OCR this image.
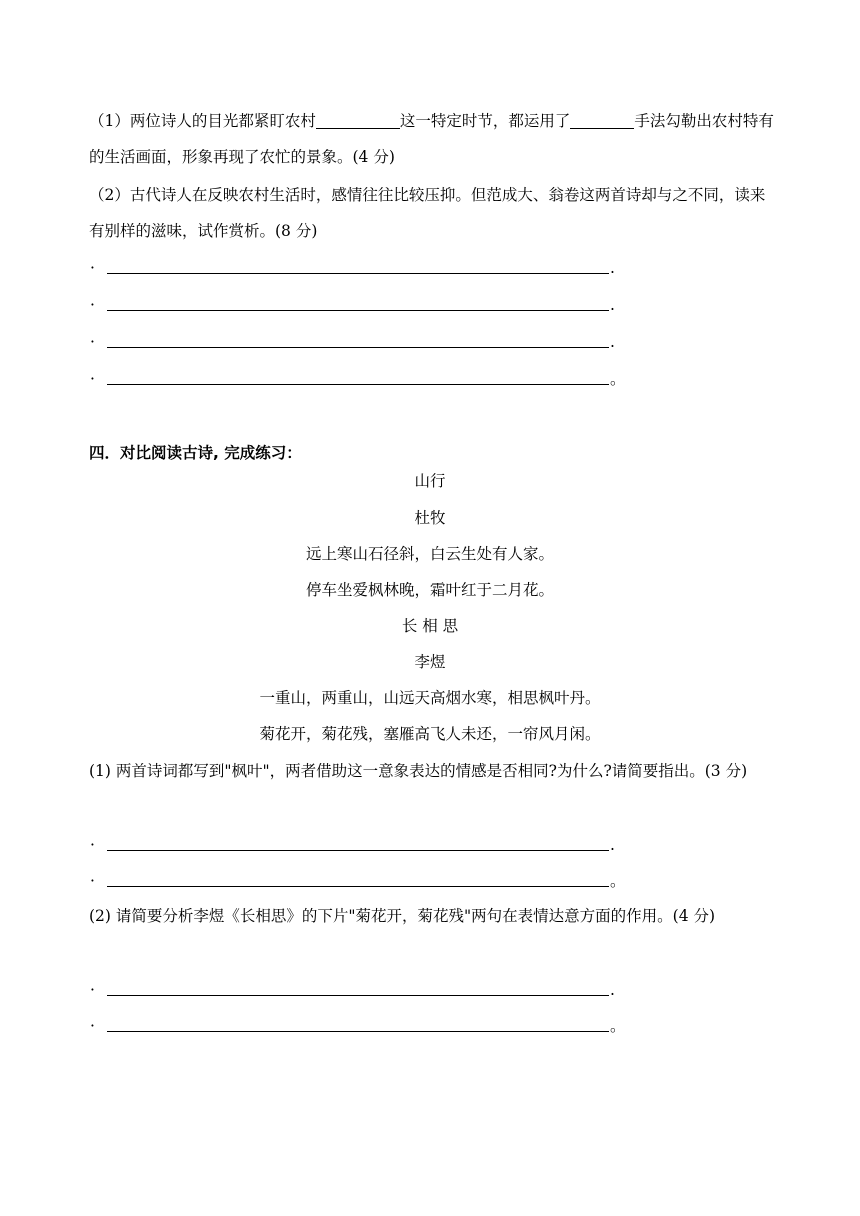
（1）两位诗人的目光都紧盯农村	这一特定时节，都运用了	手法勾勒出农村特有的生活画面，形象再现了农忙的景象。(4 分)
（2）古代诗人在反映农村生活时，感情往往比较压抑。但范成大、翁卷这两首诗却与之不同，读来有别样的滋味，试作赏析。(8 分)
·	.
·	.
·	.
·	。
四．对比阅读古诗, 完成练习：
山行
杜牧
远上寒山石径斜，白云生处有人家。
停车坐爱枫林晚，霜叶红于二月花。
长 相 思
李煜
一重山，两重山，山远天高烟水寒，相思枫叶丹。
菊花开，菊花残，塞雁高飞人未还，一帘风月闲。
(1) 两首诗词都写到"枫叶"，两者借助这一意象表达的情感是否相同?为什么?请简要指出。(3 分)
·	.
·	。
(2) 请简要分析李煜《长相思》的下片"菊花开，菊花残"两句在表情达意方面的作用。(4 分)
·	.
·	。
